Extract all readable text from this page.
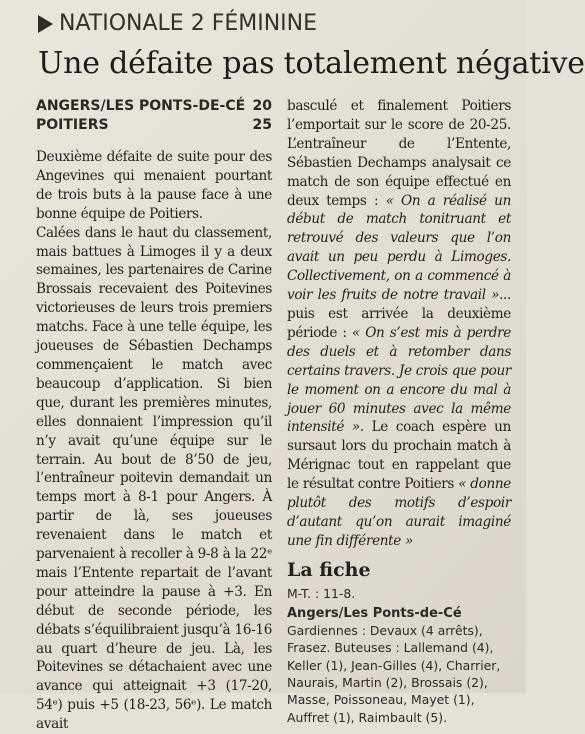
NATIONALE 2 FÉMININE
Une défaite pas totalement négative
ANGERS/LES PONTS-DE-CÉ 20
POITIERS	25

Deuxième défaite de suite pour des Angevines qui menaient pourtant de trois buts à la pause face à une bonne équipe de Poitiers.

Calées dans le haut du classement, mais battues à Limoges il y a deux semaines, les partenaires de Carine Brossais recevaient des Poitevines victorieuses de leurs trois premiers matchs. Face à une telle équipe, les joueuses de Sébastien Dechamps commençaient le match avec beaucoup d’application. Si bien que, durant les premières minutes, elles donnaient l’impression qu’il n’y avait qu’une équipe sur le terrain. Au bout de 8’50 de jeu, l’entraîneur poitevin demandait un temps mort à 8-1 pour Angers. À partir de là, ses joueuses revenaient dans le match et parvenaient à recoller à 9-8 à la 22ᵉ mais l’Entente repartait de l’avant pour atteindre la pause à +3. En début de seconde période, les débats s’équilibraient jusqu’à 16-16 au quart d’heure de jeu. Là, les Poitevines se détachaient avec une avance qui atteignait +3 (17-20, 54ᵉ) puis +5 (18-23, 56ᵉ). Le match avait

basculé et finalement Poitiers l’emportait sur le score de 20-25. L’entraîneur de l’Entente, Sébastien Dechamps analysait ce match de son équipe effectué en deux temps : « On a réalisé un début de match tonitruant et retrouvé des valeurs que l’on avait un peu perdu à Limoges. Collectivement, on a commencé à voir les fruits de notre travail »... puis est arrivée la deuxième période : « On s’est mis à perdre des duels et à retomber dans certains travers. Je crois que pour le moment on a encore du mal à jouer 60 minutes avec la même intensité ». Le coach espère un sursaut lors du prochain match à Mérignac tout en rappelant que le résultat contre Poitiers « donne plutôt des motifs d’espoir d’autant qu’on aurait imaginé une fin différente »

La fiche

M-T. : 11-8.

Angers/Les Ponts-de-Cé

Gardiennes : Devaux (4 arrêts),

Frasez. Buteuses : Lallemand (4),

Keller (1), Jean-Gilles (4), Charrier,

Naurais, Martin (2), Brossais (2),

Masse, Poissoneau, Mayet (1),

Auffret (1), Raimbault (5).
